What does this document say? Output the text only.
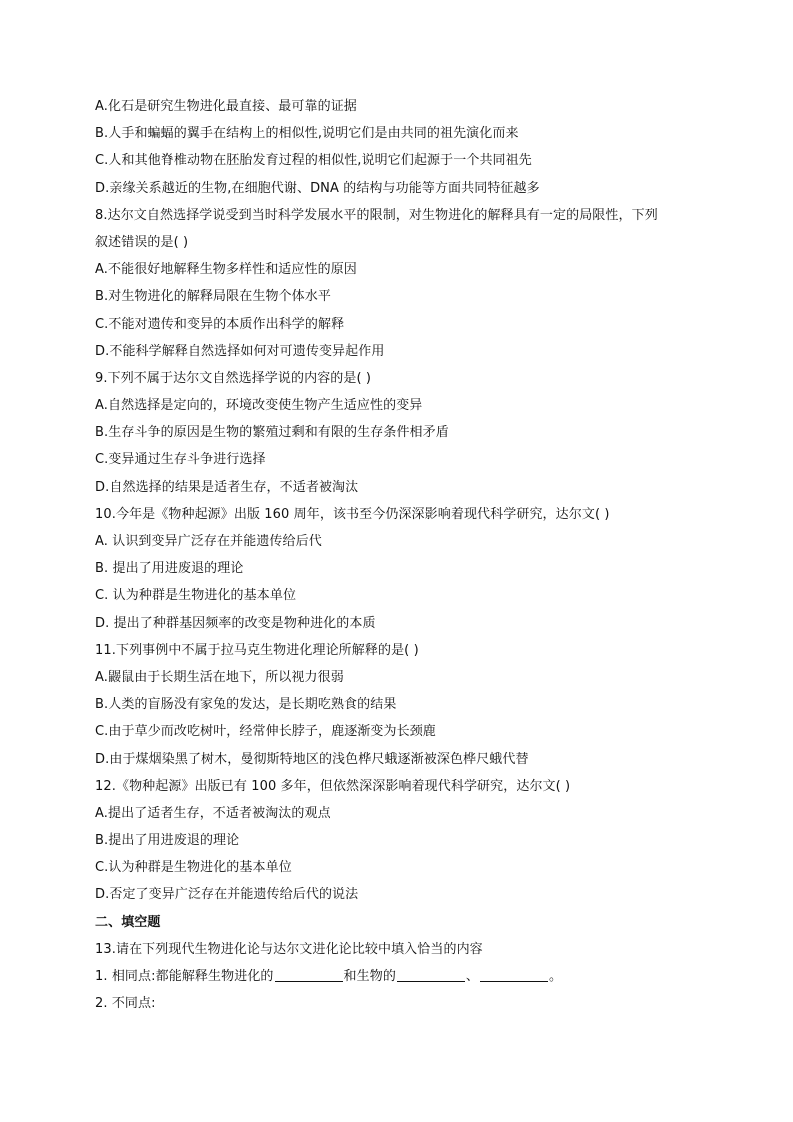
A.化石是研究生物进化最直接、最可靠的证据
B.人手和蝙蝠的翼手在结构上的相似性,说明它们是由共同的祖先演化而来
C.人和其他脊椎动物在胚胎发育过程的相似性,说明它们起源于一个共同祖先
D.亲缘关系越近的生物,在细胞代谢、DNA 的结构与功能等方面共同特征越多
8.达尔文自然选择学说受到当时科学发展水平的限制，对生物进化的解释具有一定的局限性，下列
叙述错误的是( )
A.不能很好地解释生物多样性和适应性的原因
B.对生物进化的解释局限在生物个体水平
C.不能对遗传和变异的本质作出科学的解释
D.不能科学解释自然选择如何对可遗传变异起作用
9.下列不属于达尔文自然选择学说的内容的是( )
A.自然选择是定向的，环境改变使生物产生适应性的变异
B.生存斗争的原因是生物的繁殖过剩和有限的生存条件相矛盾
C.变异通过生存斗争进行选择
D.自然选择的结果是适者生存，不适者被淘汰
10.今年是《物种起源》出版 160 周年，该书至今仍深深影响着现代科学研究，达尔文( )
A. 认识到变异广泛存在并能遗传给后代
B. 提出了用进废退的理论
C. 认为种群是生物进化的基本单位
D. 提出了种群基因频率的改变是物种进化的本质
11.下列事例中不属于拉马克生物进化理论所解释的是( )
A.鼹鼠由于长期生活在地下，所以视力很弱
B.人类的盲肠没有家兔的发达，是长期吃熟食的结果
C.由于草少而改吃树叶，经常伸长脖子，鹿逐渐变为长颈鹿
D.由于煤烟染黑了树木，曼彻斯特地区的浅色桦尺蛾逐渐被深色桦尺蛾代替
12.《物种起源》出版已有 100 多年，但依然深深影响着现代科学研究，达尔文( )
A.提出了适者生存，不适者被淘汰的观点
B.提出了用进废退的理论
C.认为种群是生物进化的基本单位
D.否定了变异广泛存在并能遗传给后代的说法
二、填空题
13.请在下列现代生物进化论与达尔文进化论比较中填入恰当的内容
1. 相同点:都能解释生物进化的	和生物的	、	。
2. 不同点:
